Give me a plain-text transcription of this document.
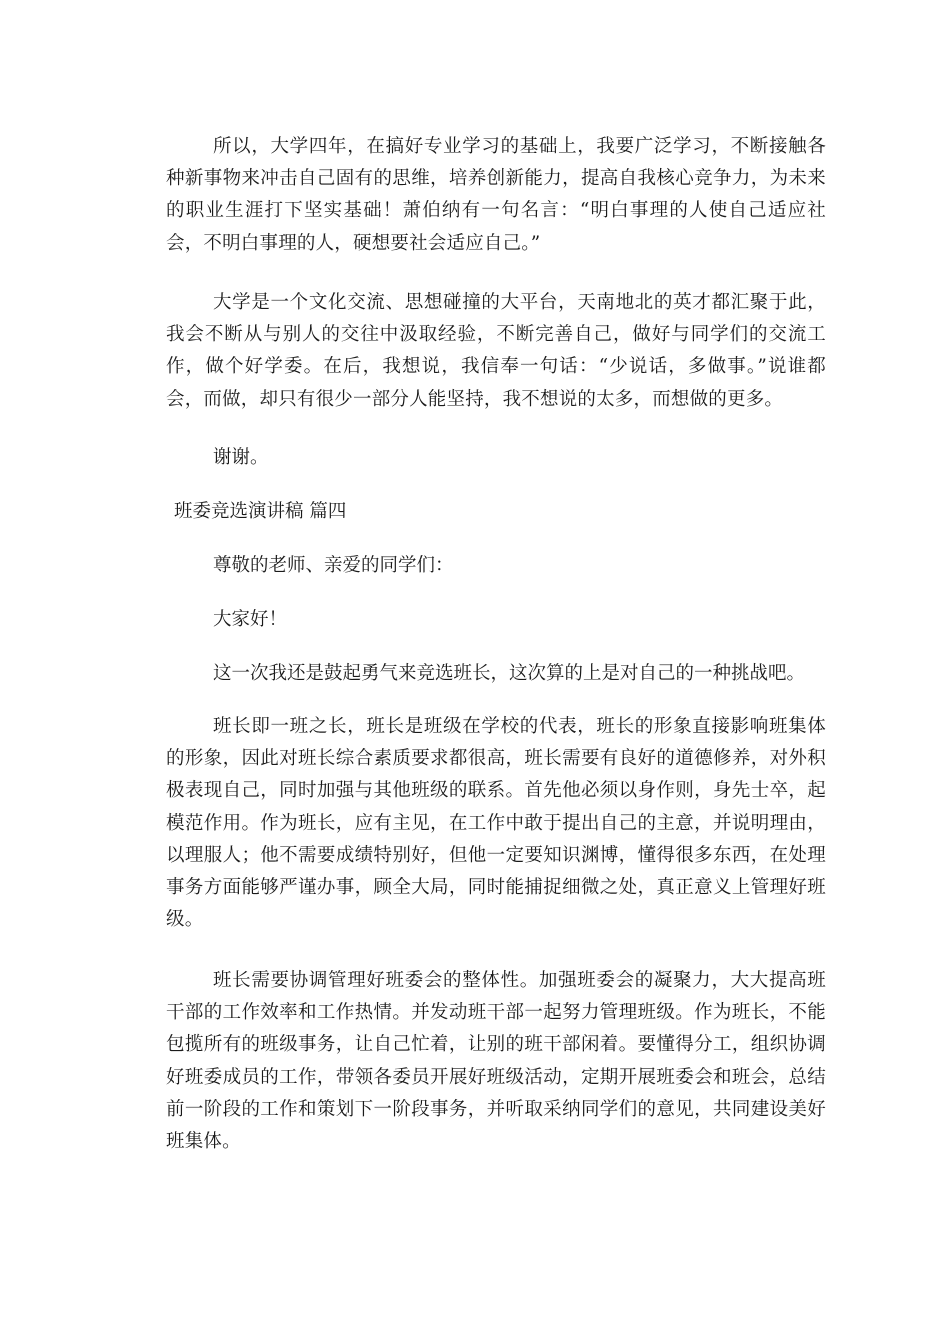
所以，大学四年，在搞好专业学习的基础上，我要广泛学习，不断接触各种新事物来冲击自己固有的思维，培养创新能力，提高自我核心竞争力，为未来的职业生涯打下坚实基础！萧伯纳有一句名言：“明白事理的人使自己适应社会，不明白事理的人，硬想要社会适应自己。”

大学是一个文化交流、思想碰撞的大平台，天南地北的英才都汇聚于此，我会不断从与别人的交往中汲取经验，不断完善自己，做好与同学们的交流工作，做个好学委。在后，我想说，我信奉一句话：“少说话，多做事。”说谁都会，而做，却只有很少一部分人能坚持，我不想说的太多，而想做的更多。

谢谢。

班委竞选演讲稿 篇四

尊敬的老师、亲爱的同学们：

大家好！

这一次我还是鼓起勇气来竞选班长，这次算的上是对自己的一种挑战吧。

班长即一班之长，班长是班级在学校的代表，班长的形象直接影响班集体的形象，因此对班长综合素质要求都很高，班长需要有良好的道德修养，对外积极表现自己，同时加强与其他班级的联系。首先他必须以身作则，身先士卒，起模范作用。作为班长，应有主见，在工作中敢于提出自己的主意，并说明理由，以理服人；他不需要成绩特别好，但他一定要知识渊博，懂得很多东西，在处理事务方面能够严谨办事，顾全大局，同时能捕捉细微之处，真正意义上管理好班级。

班长需要协调管理好班委会的整体性。加强班委会的凝聚力，大大提高班干部的工作效率和工作热情。并发动班干部一起努力管理班级。作为班长，不能包揽所有的班级事务，让自己忙着，让别的班干部闲着。要懂得分工，组织协调好班委成员的工作，带领各委员开展好班级活动，定期开展班委会和班会，总结前一阶段的工作和策划下一阶段事务，并听取采纳同学们的意见，共同建设美好班集体。
